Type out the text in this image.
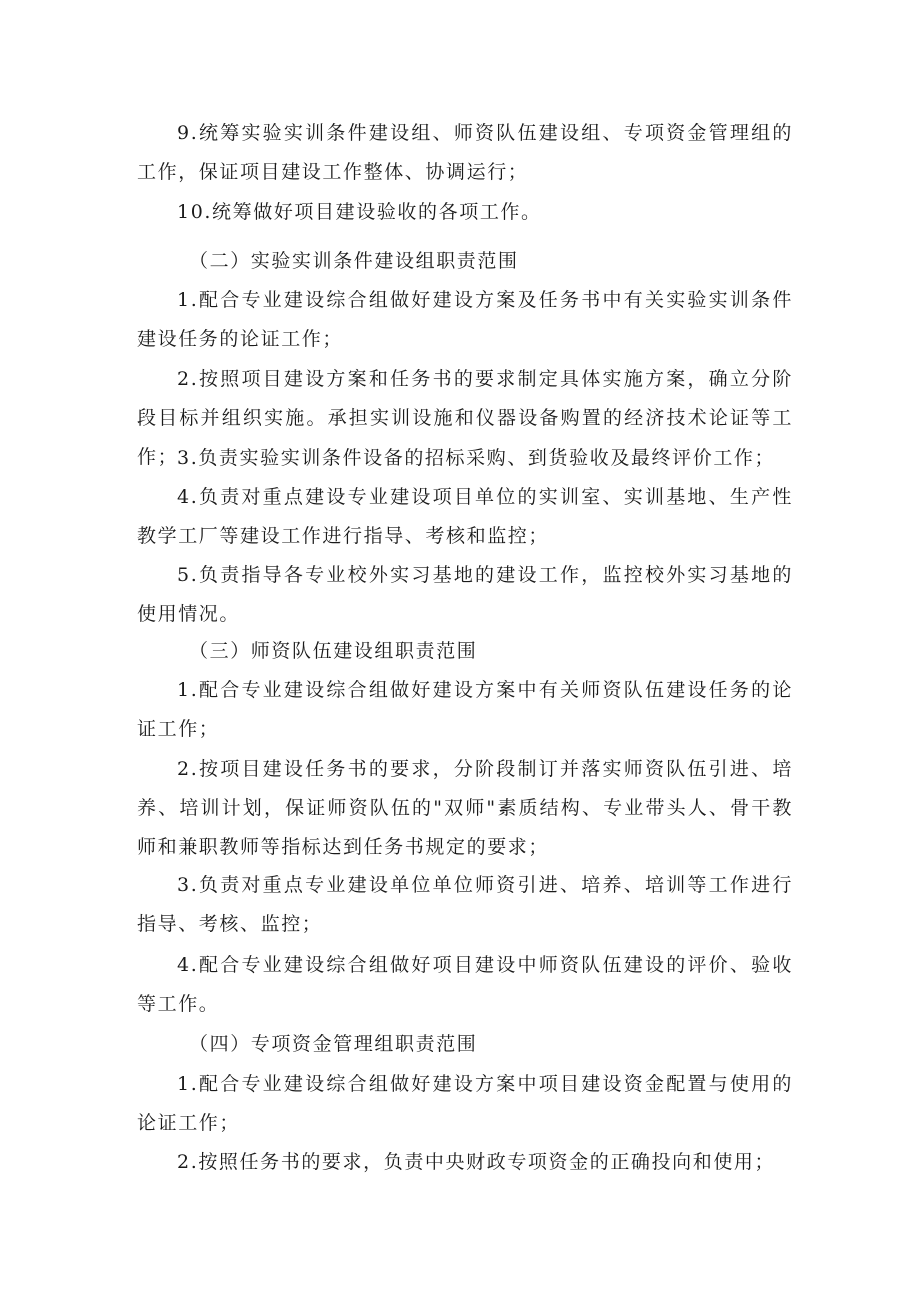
9.统筹实验实训条件建设组、师资队伍建设组、专项资金管理组的工作，保证项目建设工作整体、协调运行；

10.统筹做好项目建设验收的各项工作。

（二）实验实训条件建设组职责范围

1.配合专业建设综合组做好建设方案及任务书中有关实验实训条件建设任务的论证工作；

2.按照项目建设方案和任务书的要求制定具体实施方案，确立分阶段目标并组织实施。承担实训设施和仪器设备购置的经济技术论证等工作；

3.负责实验实训条件设备的招标采购、到货验收及最终评价工作；

4.负责对重点建设专业建设项目单位的实训室、实训基地、生产性教学工厂等建设工作进行指导、考核和监控；

5.负责指导各专业校外实习基地的建设工作，监控校外实习基地的使用情况。

（三）师资队伍建设组职责范围

1.配合专业建设综合组做好建设方案中有关师资队伍建设任务的论证工作；

2.按项目建设任务书的要求，分阶段制订并落实师资队伍引进、培养、培训计划，保证师资队伍的"双师"素质结构、专业带头人、骨干教师和兼职教师等指标达到任务书规定的要求；

3.负责对重点专业建设单位单位师资引进、培养、培训等工作进行指导、考核、监控；

4.配合专业建设综合组做好项目建设中师资队伍建设的评价、验收等工作。

（四）专项资金管理组职责范围

1.配合专业建设综合组做好建设方案中项目建设资金配置与使用的论证工作；

2.按照任务书的要求，负责中央财政专项资金的正确投向和使用；
